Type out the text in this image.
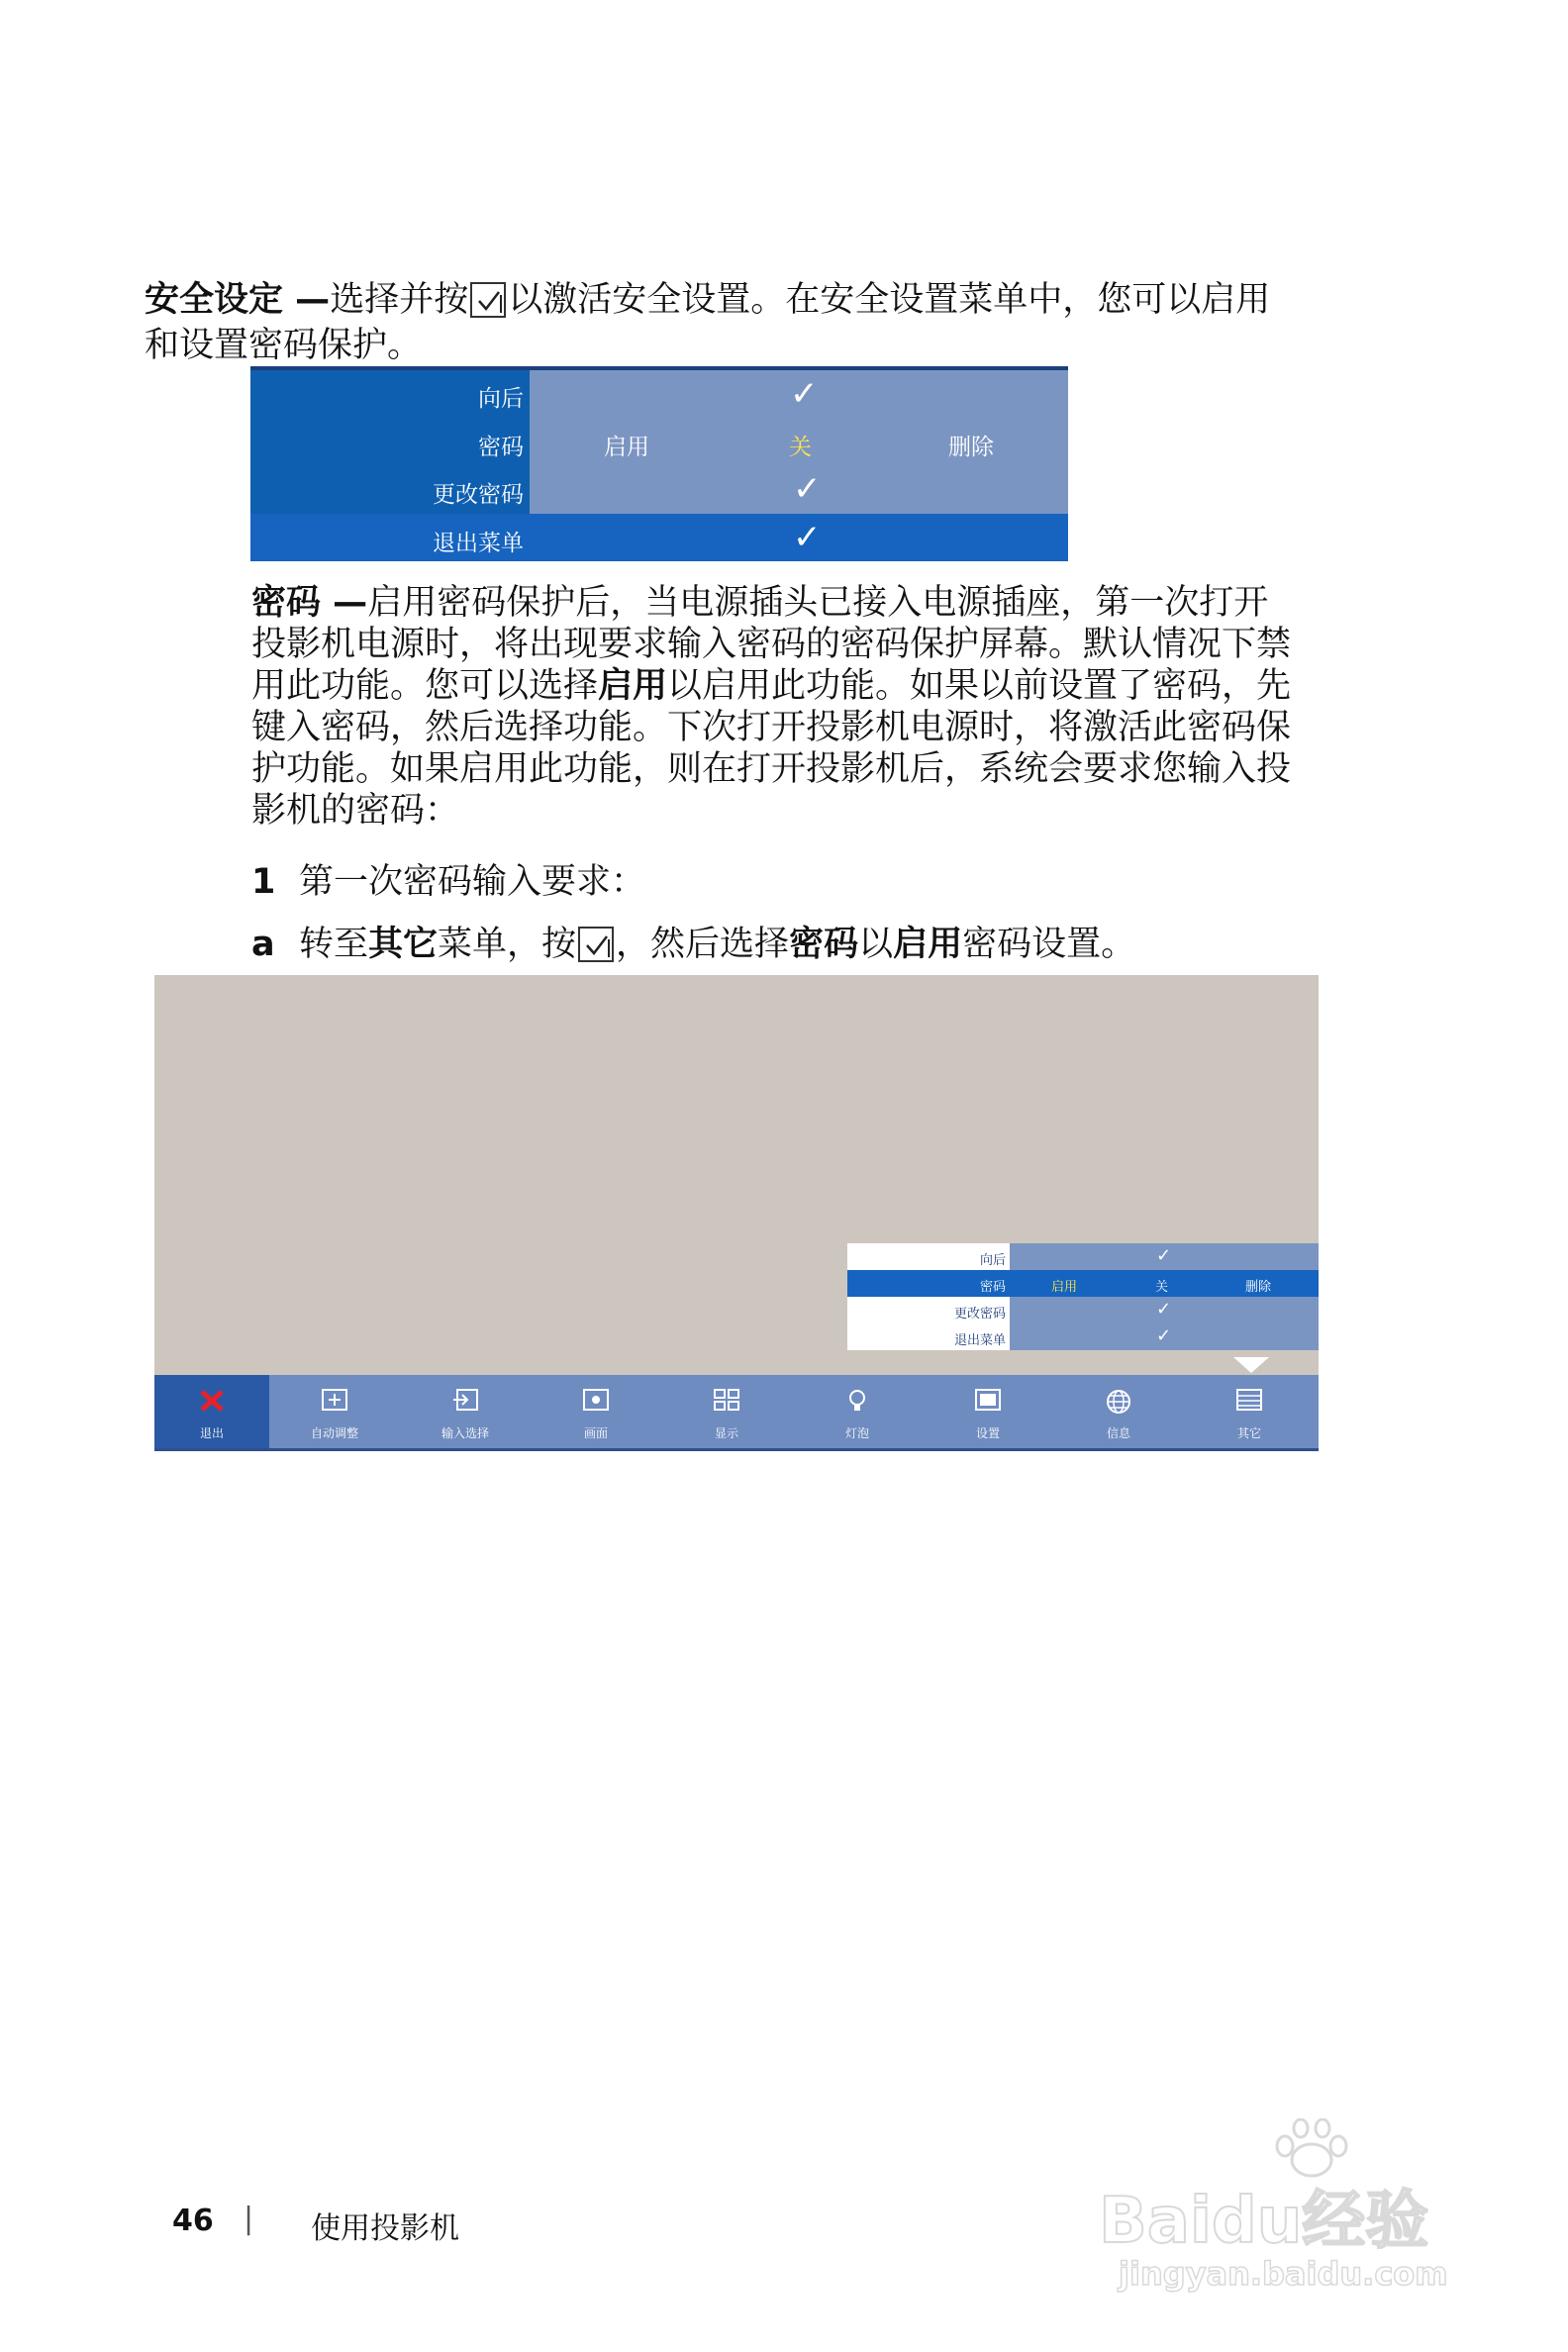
安全设定 —选择并按 以激活安全设置。在安全设置菜单中，您可以启用
和设置密码保护。
向后	✓
密码	启用	关	删除
更改密码	✓
退出菜单	✓
密码 —启用密码保护后，当电源插头已接入电源插座，第一次打开
投影机电源时，将出现要求输入密码的密码保护屏幕。默认情况下禁
用此功能。您可以选择启用以启用此功能。如果以前设置了密码，先
键入密码，然后选择功能。下次打开投影机电源时，将激活此密码保
护功能。如果启用此功能，则在打开投影机后，系统会要求您输入投
影机的密码：
1 第一次密码输入要求：
a 转至其它菜单，按 ，然后选择密码以启用密码设置。
向后	✓
密码	启用	关	删除
更改密码	✓
退出菜单	✓
退出	自动调整	输入选择	画面	显示	灯泡	设置	信息	其它
46 | 使用投影机	Baidu经验
jingyan.baidu.com
